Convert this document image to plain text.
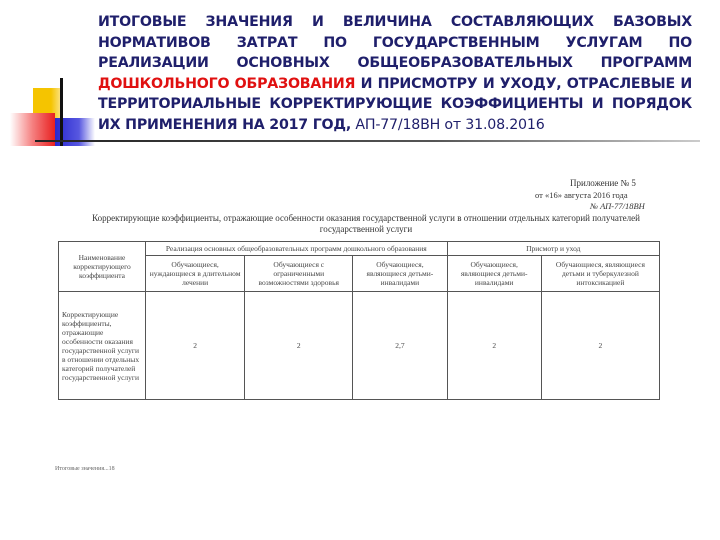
ИТОГОВЫЕ ЗНАЧЕНИЯ И ВЕЛИЧИНА СОСТАВЛЯЮЩИХ БАЗОВЫХ НОРМАТИВОВ ЗАТРАТ ПО ГОСУДАРСТВЕННЫМ УСЛУГАМ ПО РЕАЛИЗАЦИИ ОСНОВНЫХ ОБЩЕОБРАЗОВАТЕЛЬНЫХ ПРОГРАММ ДОШКОЛЬНОГО ОБРАЗОВАНИЯ И ПРИСМОТРУ И УХОДУ, ОТРАСЛЕВЫЕ И ТЕРРИТОРИАЛЬНЫЕ КОРРЕКТИРУЮЩИЕ КОЭФФИЦИЕНТЫ И ПОРЯДОК ИХ ПРИМЕНЕНИЯ НА 2017 ГОД, АП-77/18ВН от 31.08.2016
Приложение № 5
от «16» августа 2016 года
№ АП-77/18ВН
Корректирующие коэффициенты, отражающие особенности оказания государственной услуги в отношении отдельных категорий получателей государственной услуги
Наименование корректирующего коэффициента	Реализация основных общеобразовательных программ дошкольного образования			Присмотр и уход	
	Обучающиеся, нуждающиеся в длительном лечении	Обучающиеся с ограниченными возможностями здоровья	Обучающиеся, являющиеся детьми-инвалидами	Обучающиеся, являющиеся детьми-инвалидами	Обучающиеся, являющиеся детьми и туберкулезной интоксикацией
Корректирующие коэффициенты, отражающие особенности оказания государственной услуги в отношении отдельных категорий получателей государственной услуги	2	2	2,7	2	2
Итоговые значения...18
